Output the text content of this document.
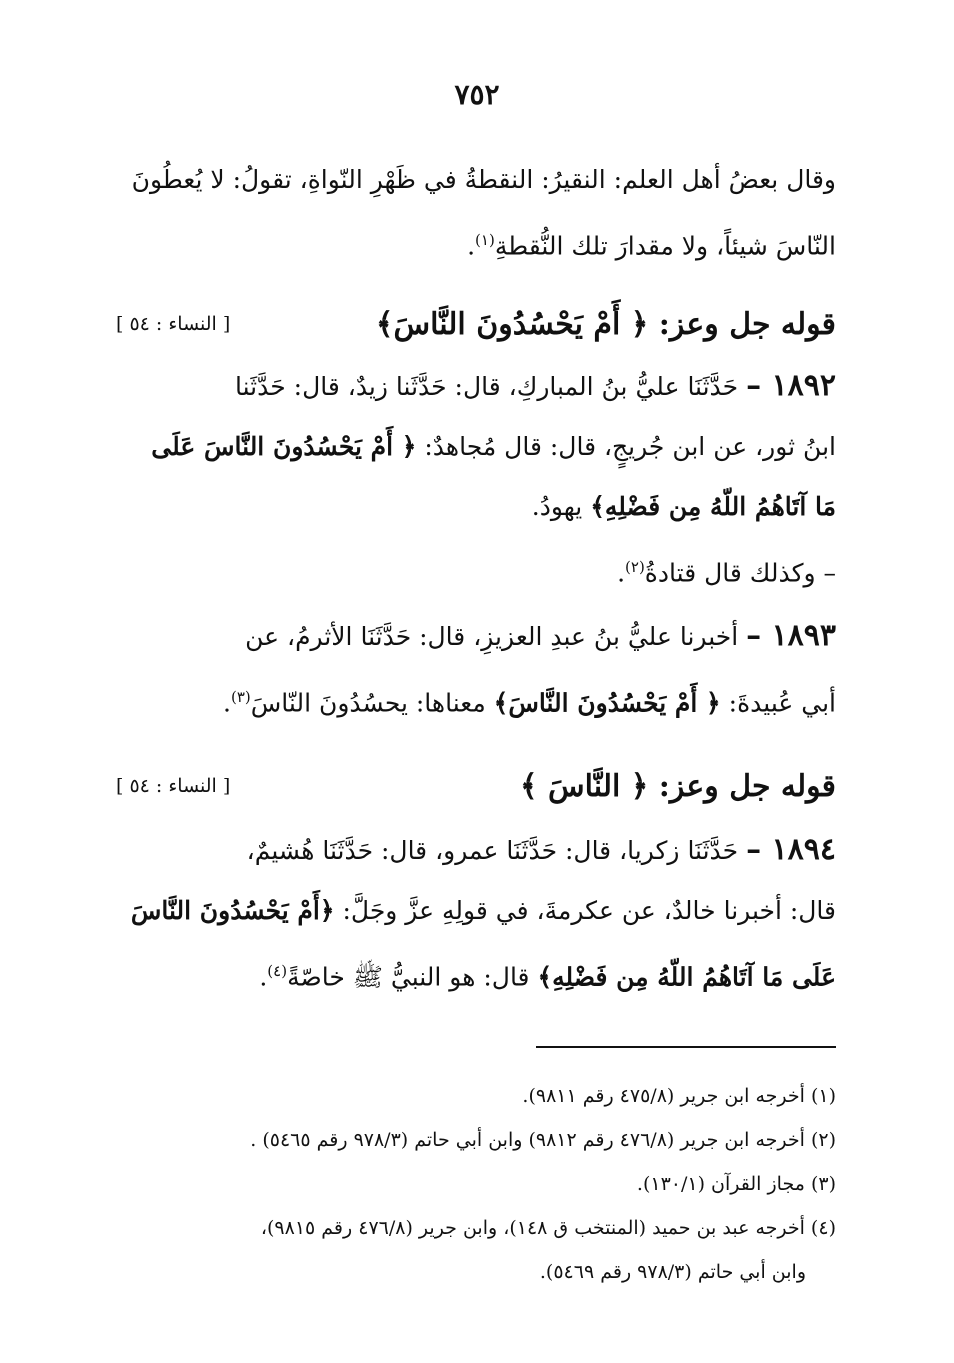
٧٥٢
وقال بعضُ أهل العلم: النقيرُ: النقطةُ في ظَهْرِ النّواةِ، تقولُ: لا يُعطُونَ
النّاسَ شيئاً، ولا مقدارَ تلك النُّقطةِ$^{(١)}$.
قوله جل وعز: ﴿ أَمْ يَحْسُدُونَ النَّاسَ﴾
[ النساء : ٥٤ ]
١٨٩٢ – حَدَّثَنَا عليُّ بنُ المباركِ، قال: حَدَّثَنا زيدٌ، قال: حَدَّثَنا
ابنُ ثور، عن ابن جُريجٍ، قال: قال مُجاهدٌ: ﴿ أَمْ يَحْسُدُونَ النَّاسَ عَلَى
مَا آتَاهُمُ اللّهُ مِن فَضْلِهِ﴾ يهودُ.
– وكذلك قال قتادةُ$^{(٢)}$.
١٨٩٣ – أخبرنا عليُّ بنُ عبدِ العزيزِ، قال: حَدَّثَنَا الأثرمُ، عن
أبي عُبيدةَ: ﴿ أَمْ يَحْسُدُونَ النَّاسَ﴾ معناها: يحسُدُونَ النّاسَ$^{(٣)}$.
قوله جل وعز: ﴿ النَّاسَ ﴾
[ النساء : ٥٤ ]
١٨٩٤ – حَدَّثَنَا زكريا، قال: حَدَّثَنَا عمرو، قال: حَدَّثَنَا هُشيمٌ،
قال: أخبرنا خالدٌ، عن عكرمةَ، في قولِهِ عزَّ وجَلَّ: ﴿أَمْ يَحْسُدُونَ النَّاسَ
عَلَى مَا آتَاهُمُ اللّهُ مِن فَضْلِهِ﴾ قال: هو النبيُّ ﷺ خاصّةً$^{(٤)}$.
(١) أخرجه ابن جرير (٤٧٥/٨ رقم ٩٨١١).
(٢) أخرجه ابن جرير (٤٧٦/٨ رقم ٩٨١٢) وابن أبي حاتم (٩٧٨/٣ رقم ٥٤٦٥) .
(٣) مجاز القرآن (١٣٠/١).
(٤) أخرجه عبد بن حميد (المنتخب ق ١٤٨)، وابن جرير (٤٧٦/٨ رقم ٩٨١٥)،
وابن أبي حاتم (٩٧٨/٣ رقم ٥٤٦٩).
